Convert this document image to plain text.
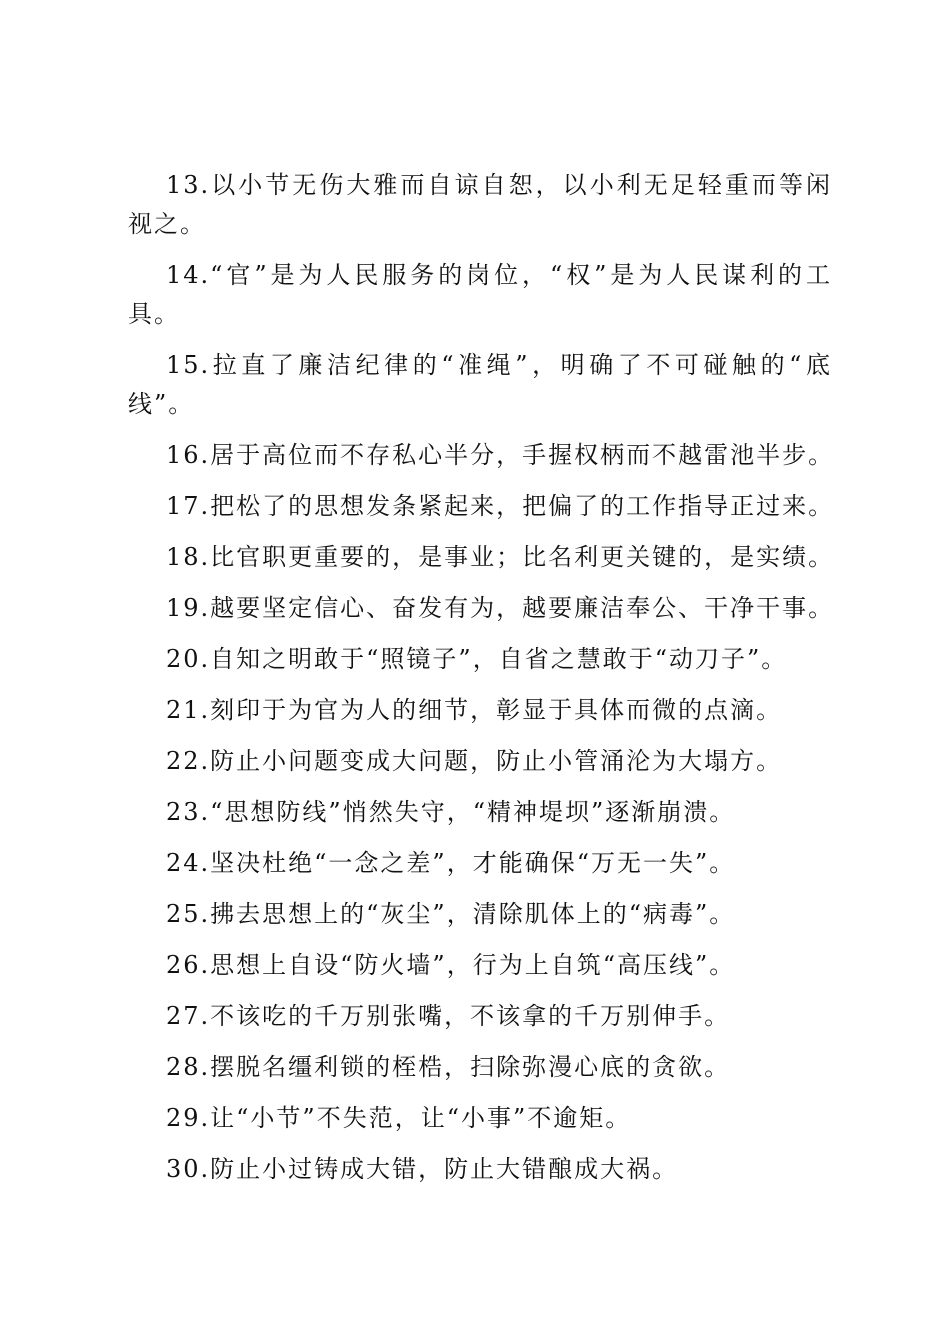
13.以小节无伤大雅而自谅自恕，以小利无足轻重而等闲视之。

14.“官”是为人民服务的岗位，“权”是为人民谋利的工具。

15.拉直了廉洁纪律的“准绳”，明确了不可碰触的“底线”。

16.居于高位而不存私心半分，手握权柄而不越雷池半步。

17.把松了的思想发条紧起来，把偏了的工作指导正过来。

18.比官职更重要的，是事业；比名利更关键的，是实绩。

19.越要坚定信心、奋发有为，越要廉洁奉公、干净干事。

20.自知之明敢于“照镜子”，自省之慧敢于“动刀子”。

21.刻印于为官为人的细节，彰显于具体而微的点滴。

22.防止小问题变成大问题，防止小管涌沦为大塌方。

23.“思想防线”悄然失守，“精神堤坝”逐渐崩溃。

24.坚决杜绝“一念之差”，才能确保“万无一失”。

25.拂去思想上的“灰尘”，清除肌体上的“病毒”。

26.思想上自设“防火墙”，行为上自筑“高压线”。

27.不该吃的千万别张嘴，不该拿的千万别伸手。

28.摆脱名缰利锁的桎梏，扫除弥漫心底的贪欲。

29.让“小节”不失范，让“小事”不逾矩。

30.防止小过铸成大错，防止大错酿成大祸。
